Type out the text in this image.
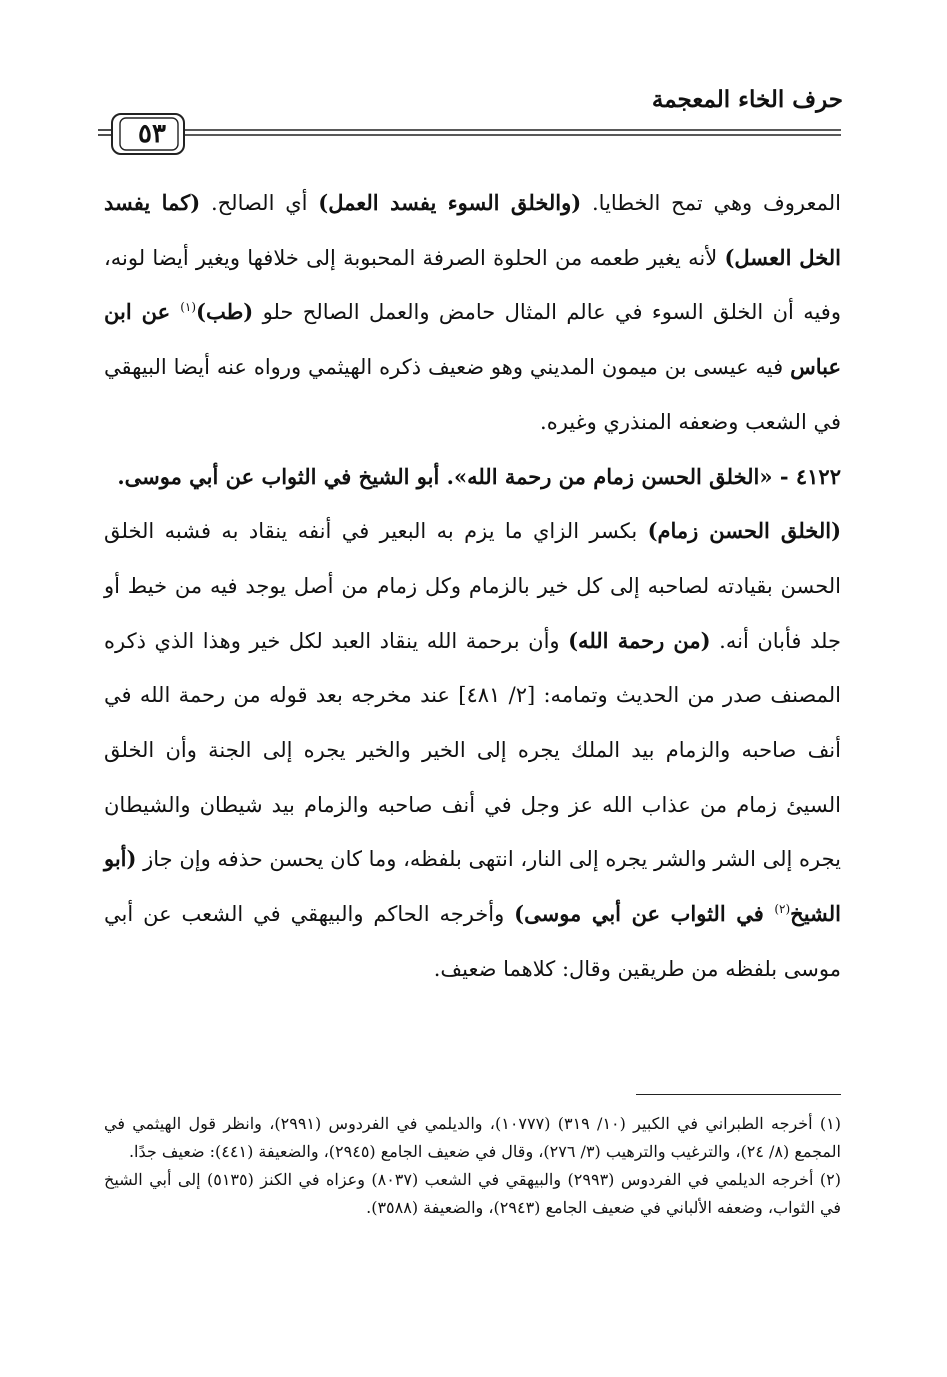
حرف الخاء المعجمة
٥٣

المعروف وهي تمح الخطايا. (والخلق السوء يفسد العمل) أي الصالح. (كما يفسد الخل العسل) لأنه يغير طعمه من الحلوة الصرفة المحبوبة إلى خلافها ويغير أيضا لونه، وفيه أن الخلق السوء في عالم المثال حامض والعمل الصالح حلو (طب)$^{(١)}$ عن ابن عباس فيه عيسى بن ميمون المديني وهو ضعيف ذكره الهيثمي ورواه عنه أيضا البيهقي في الشعب وضعفه المنذري وغيره.

٤١٢٢ - «الخلق الحسن زمام من رحمة الله». أبو الشيخ في الثواب عن أبي موسى.

(الخلق الحسن زمام) بكسر الزاي ما يزم به البعير في أنفه ينقاد به فشبه الخلق الحسن بقيادته لصاحبه إلى كل خير بالزمام وكل زمام من أصل يوجد فيه من خيط أو جلد فأبان أنه. (من رحمة الله) وأن برحمة الله ينقاد العبد لكل خير وهذا الذي ذكره المصنف صدر من الحديث وتمامه: [٢/ ٤٨١] عند مخرجه بعد قوله من رحمة الله في أنف صاحبه والزمام بيد الملك يجره إلى الخير والخير يجره إلى الجنة وأن الخلق السيئ زمام من عذاب الله عز وجل في أنف صاحبه والزمام بيد شيطان والشيطان يجره إلى الشر والشر يجره إلى النار، انتهى بلفظه، وما كان يحسن حذفه وإن جاز (أبو الشيخ$^{(٢)}$ في الثواب عن أبي موسى) وأخرجه الحاكم والبيهقي في الشعب عن أبي موسى بلفظه من طريقين وقال: كلاهما ضعيف.

(١) أخرجه الطبراني في الكبير (١٠/ ٣١٩) (١٠٧٧٧)، والديلمي في الفردوس (٢٩٩١)، وانظر قول الهيثمي في المجمع (٨/ ٢٤)، والترغيب والترهيب (٣/ ٢٧٦)، وقال في ضعيف الجامع (٢٩٤٥)، والضعيفة (٤٤١): ضعيف جدًا.

(٢) أخرجه الديلمي في الفردوس (٢٩٩٣) والبيهقي في الشعب (٨٠٣٧) وعزاه في الكنز (٥١٣٥) إلى أبي الشيخ في الثواب، وضعفه الألباني في ضعيف الجامع (٢٩٤٣)، والضعيفة (٣٥٨٨).
